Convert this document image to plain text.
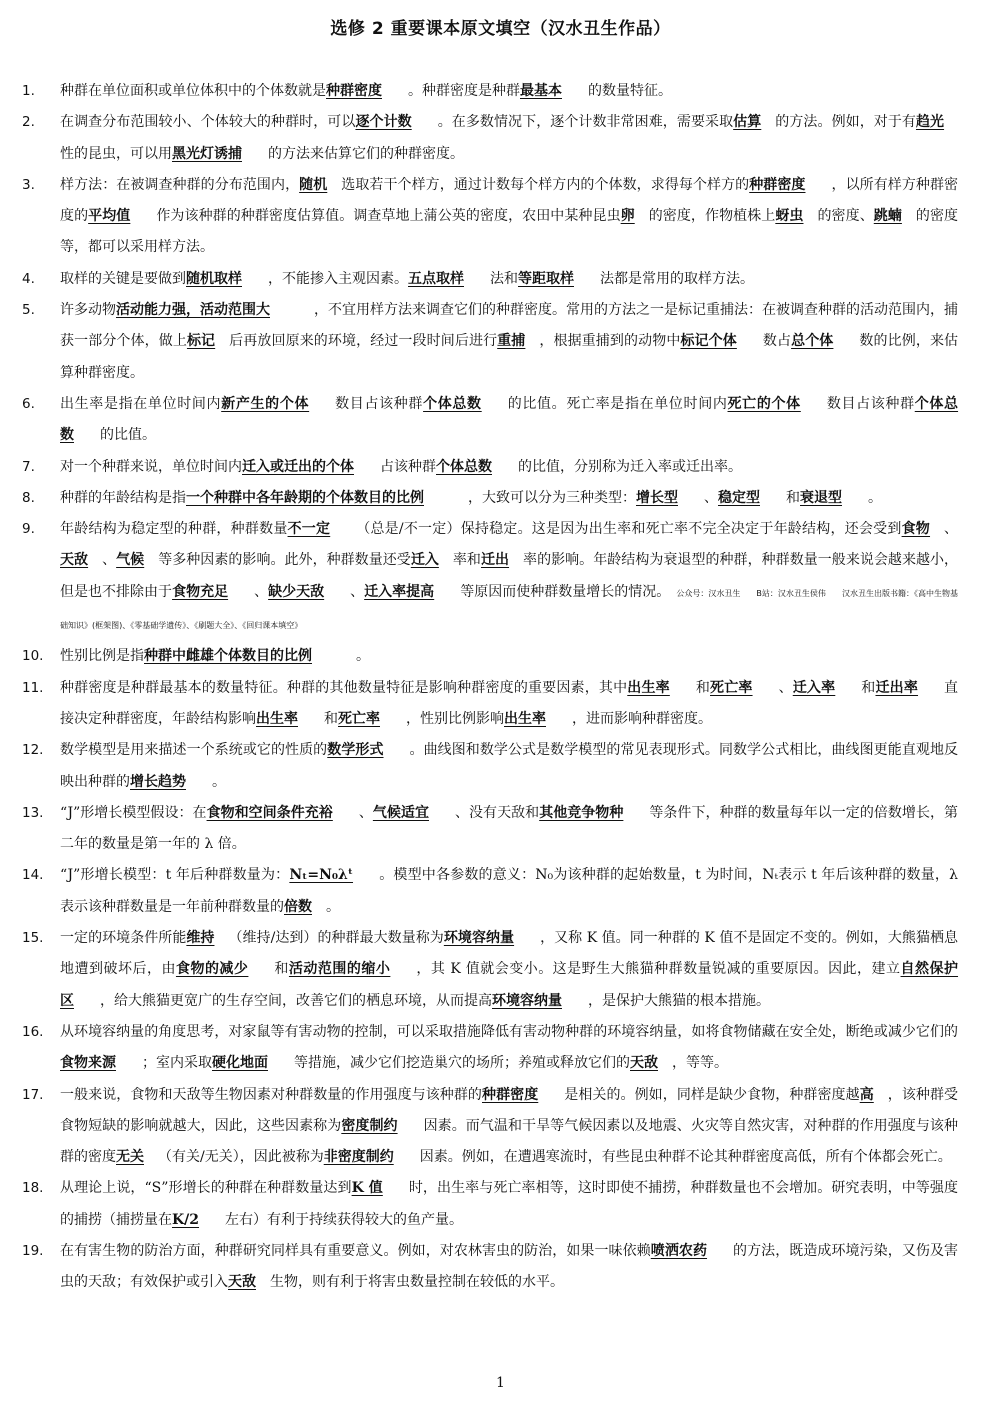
选修 2 重要课本原文填空（汉水丑生作品）
1.	种群在单位面积或单位体积中的个体数就是种群密度 。种群密度是种群最基本 的数量特征。
2.	在调查分布范围较小、个体较大的种群时，可以逐个计数 。在多数情况下，逐个计数非常困难，需要采取估算 的方法。例如，对于有趋光性的昆虫，可以用黑光灯诱捕 的方法来估算它们的种群密度。
3.	样方法：在被调查种群的分布范围内，随机 选取若干个样方，通过计数每个样方内的个体数，求得每个样方的种群密度 ，以所有样方种群密度的平均值 作为该种群的种群密度估算值。调查草地上蒲公英的密度，农田中某种昆虫卵 的密度，作物植株上蚜虫 的密度、跳蝻 的密度等，都可以采用样方法。
4.	取样的关键是要做到随机取样 ，不能掺入主观因素。五点取样 法和等距取样 法都是常用的取样方法。
5.	许多动物活动能力强，活动范围大	，不宜用样方法来调查它们的种群密度。常用的方法之一是标记重捕法：在被调查种群的活动范围内，捕获一部分个体，做上标记 后再放回原来的环境，经过一段时间后进行重捕 ，根据重捕到的动物中标记个体 数占总个体 数的比例，来估算种群密度。
6.	出生率是指在单位时间内新产生的个体 数目占该种群个体总数 的比值。死亡率是指在单位时间内死亡的个体 数目占该种群个体总数 的比值。
7.	对一个种群来说，单位时间内迁入或迁出的个体 占该种群个体总数 的比值，分别称为迁入率或迁出率。
8.	种群的年龄结构是指一个种群中各年龄期的个体数目的比例	，大致可以分为三种类型：增长型 、稳定型 和衰退型 。
9.	年龄结构为稳定型的种群，种群数量不一定 （总是/不一定）保持稳定。这是因为出生率和死亡率不完全决定于年龄结构，还会受到食物 、天敌 、气候 等多种因素的影响。此外，种群数量还受迁入 率和迁出 率的影响。年龄结构为衰退型的种群，种群数量一般来说会越来越小，但是也不排除由于食物充足 、缺少天敌 、迁入率提高 等原因而使种群数量增长的情况。 公众号：汉水丑生　　B站：汉水丑生侯伟　　汉水丑生出版书籍：《高中生物基础知识》(框架图)、《零基础学遗传》、《刷题大全》、《回归课本填空》
10.	性别比例是指种群中雌雄个体数目的比例	。
11.	种群密度是种群最基本的数量特征。种群的其他数量特征是影响种群密度的重要因素，其中出生率 和死亡率 、迁入率 和迁出率 直接决定种群密度，年龄结构影响出生率 和死亡率 ，性别比例影响出生率 ，进而影响种群密度。
12.	数学模型是用来描述一个系统或它的性质的数学形式 。曲线图和数学公式是数学模型的常见表现形式。同数学公式相比，曲线图更能直观地反映出种群的增长趋势 。
13.	“J”形增长模型假设：在食物和空间条件充裕 、气候适宜 、没有天敌和其他竞争物种 等条件下，种群的数量每年以一定的倍数增长，第二年的数量是第一年的 λ 倍。
14.	“J”形增长模型：t 年后种群数量为：Nₜ=N₀λᵗ 。模型中各参数的意义：N₀为该种群的起始数量，t 为时间，Nₜ表示 t 年后该种群的数量，λ 表示该种群数量是一年前种群数量的倍数 。
15.	一定的环境条件所能维持 （维持/达到）的种群最大数量称为环境容纳量 ，又称 K 值。同一种群的 K 值不是固定不变的。例如，大熊猫栖息地遭到破坏后，由食物的减少 和活动范围的缩小 ，其 K 值就会变小。这是野生大熊猫种群数量锐减的重要原因。因此，建立自然保护区 ，给大熊猫更宽广的生存空间，改善它们的栖息环境，从而提高环境容纳量 ，是保护大熊猫的根本措施。
16.	从环境容纳量的角度思考，对家鼠等有害动物的控制，可以采取措施降低有害动物种群的环境容纳量，如将食物储藏在安全处，断绝或减少它们的食物来源 ；室内采取硬化地面 等措施，减少它们挖造巢穴的场所；养殖或释放它们的天敌 ，等等。
17.	一般来说，食物和天敌等生物因素对种群数量的作用强度与该种群的种群密度 是相关的。例如，同样是缺少食物，种群密度越高 ，该种群受食物短缺的影响就越大，因此，这些因素称为密度制约 因素。而气温和干旱等气候因素以及地震、火灾等自然灾害，对种群的作用强度与该种群的密度无关 （有关/无关），因此被称为非密度制约 因素。例如，在遭遇寒流时，有些昆虫种群不论其种群密度高低，所有个体都会死亡。
18.	从理论上说，“S”形增长的种群在种群数量达到K 值 时，出生率与死亡率相等，这时即使不捕捞，种群数量也不会增加。研究表明，中等强度的捕捞（捕捞量在K/2 左右）有利于持续获得较大的鱼产量。
19.	在有害生物的防治方面，种群研究同样具有重要意义。例如，对农林害虫的防治，如果一味依赖喷洒农药 的方法，既造成环境污染，又伤及害虫的天敌；有效保护或引入天敌 生物，则有利于将害虫数量控制在较低的水平。
1
